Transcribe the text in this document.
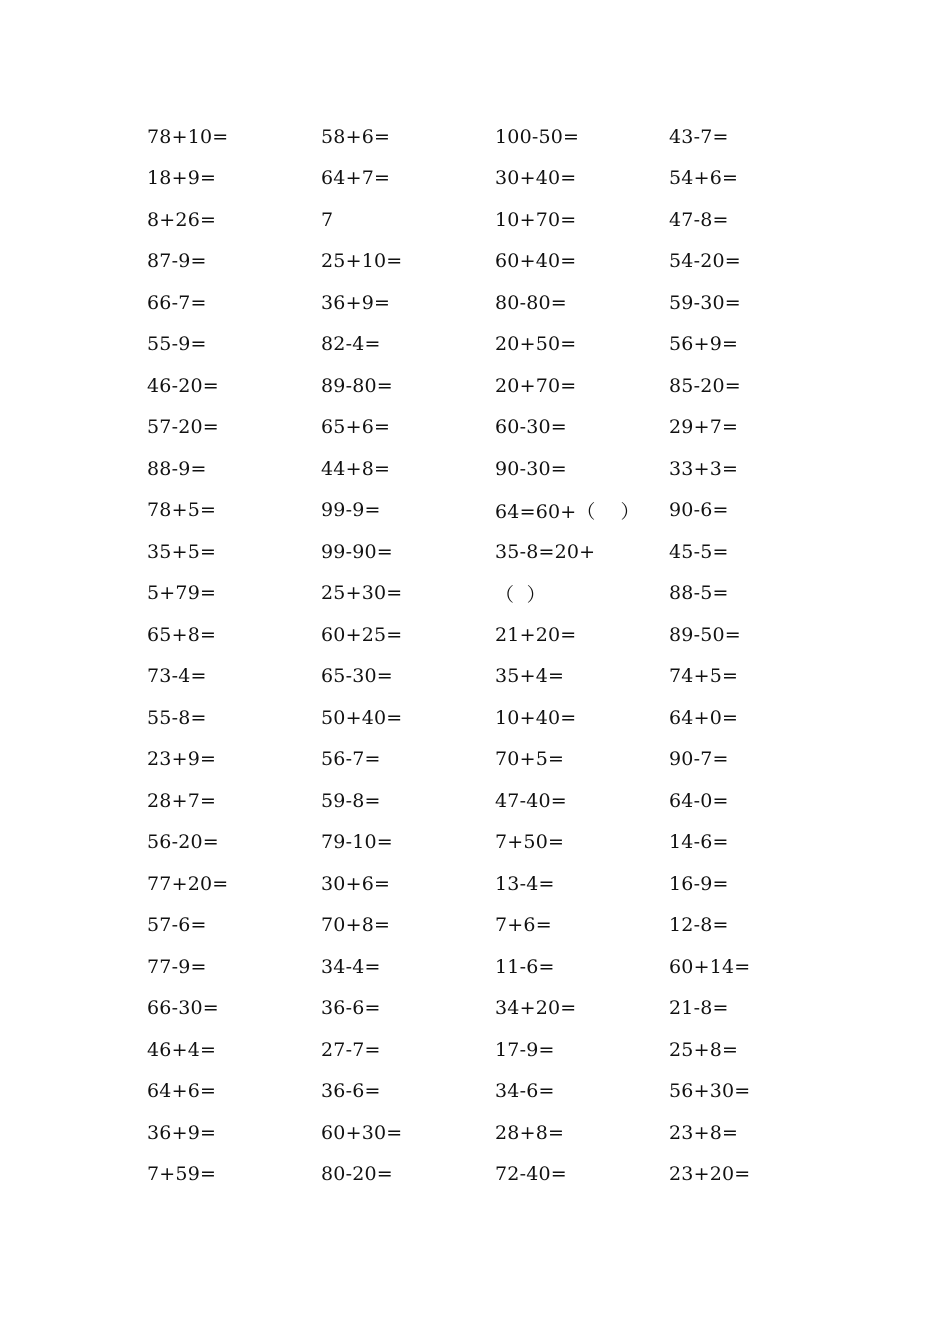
78+10=	58+6=	100-50=	43-7=
18+9=	64+7=	30+40=	54+6=
8+26=	7	10+70=	47-8=
87-9=	25+10=	60+40=	54-20=
66-7=	36+9=	80-80=	59-30=
55-9=	82-4=	20+50=	56+9=
46-20=	89-80=	20+70=	85-20=
57-20=	65+6=	60-30=	29+7=
88-9=	44+8=	90-30=	33+3=
78+5=	99-9=	64=60+（    ）	90-6=
35+5=	99-90=	35-8=20+	45-5=
5+79=	25+30=	（  ）	88-5=
65+8=	60+25=	21+20=	89-50=
73-4=	65-30=	35+4=	74+5=
55-8=	50+40=	10+40=	64+0=
23+9=	56-7=	70+5=	90-7=
28+7=	59-8=	47-40=	64-0=
56-20=	79-10=	7+50=	14-6=
77+20=	30+6=	13-4=	16-9=
57-6=	70+8=	7+6=	12-8=
77-9=	34-4=	11-6=	60+14=
66-30=	36-6=	34+20=	21-8=
46+4=	27-7=	17-9=	25+8=
64+6=	36-6=	34-6=	56+30=
36+9=	60+30=	28+8=	23+8=
7+59=	80-20=	72-40=	23+20=
